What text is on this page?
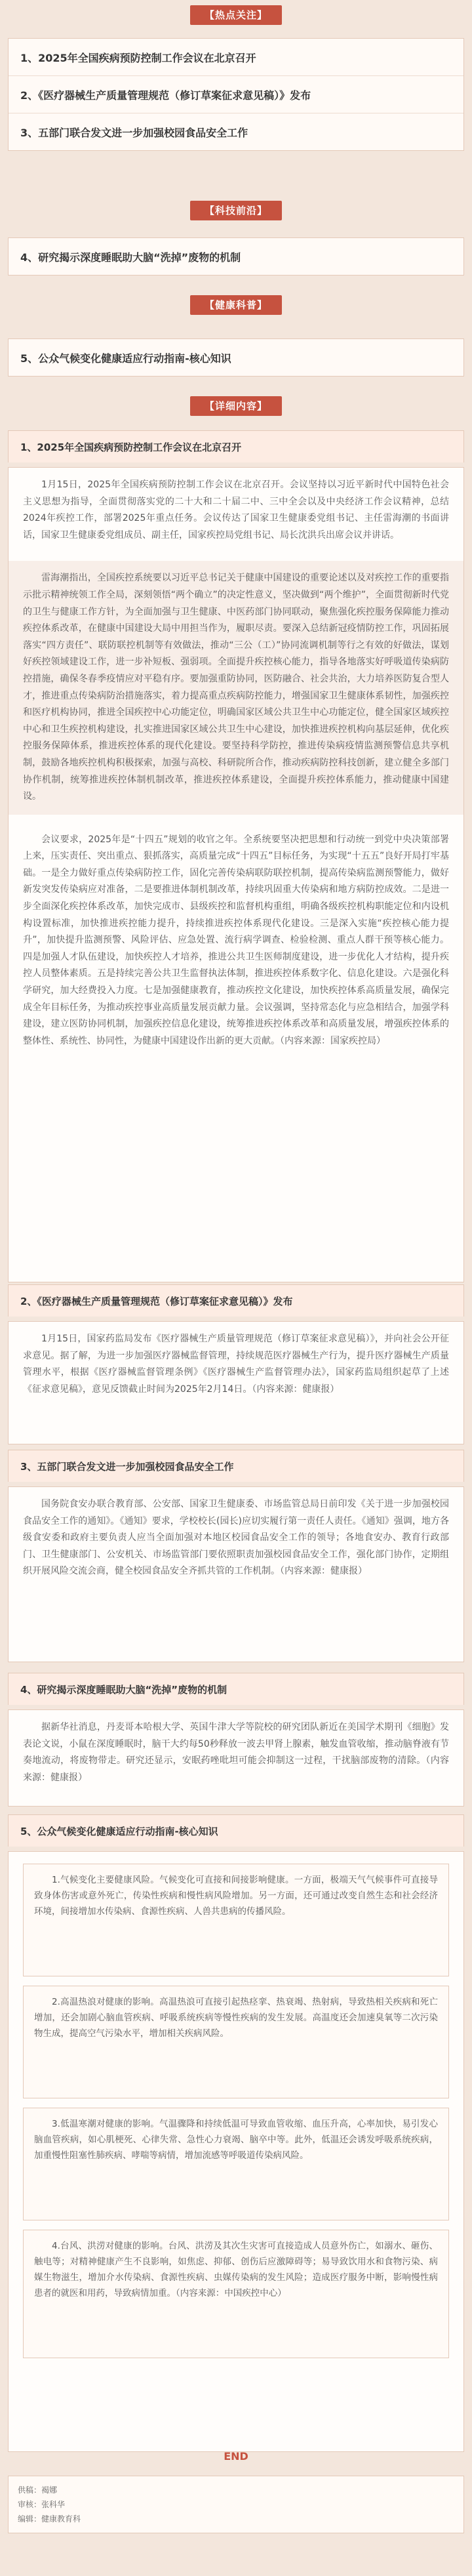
【热点关注】
1、2025年全国疾病预防控制工作会议在北京召开
2、《医疗器械生产质量管理规范（修订草案征求意见稿）》发布
3、五部门联合发文进一步加强校园食品安全工作
【科技前沿】
4、研究揭示深度睡眠助大脑“洗掉”废物的机制
【健康科普】
5、公众气候变化健康适应行动指南-核心知识
【详细内容】
1、2025年全国疾病预防控制工作会议在北京召开

1月15日，2025年全国疾病预防控制工作会议在北京召开。会议坚持以习近平新时代中国特色社会主义思想为指导，全面贯彻落实党的二十大和二十届二中、三中全会以及中央经济工作会议精神，总结2024年疾控工作，部署2025年重点任务。会议传达了国家卫生健康委党组书记、主任雷海潮的书面讲话，国家卫生健康委党组成员、副主任，国家疾控局党组书记、局长沈洪兵出席会议并讲话。

雷海潮指出，全国疾控系统要以习近平总书记关于健康中国建设的重要论述以及对疾控工作的重要指示批示精神统领工作全局，深刻领悟“两个确立”的决定性意义，坚决做到“两个维护”，全面贯彻新时代党的卫生与健康工作方针，为全面加强与卫生健康、中医药部门协同联动，聚焦强化疾控服务保障能力推动疾控体系改革，在健康中国建设大局中用担当作为，履职尽责。要深入总结新冠疫情防控工作，巩固拓展落实“四方责任”、联防联控机制等有效做法，推动“三公（工）”协同流调机制等行之有效的好做法，谋划好疾控领域建设工作，进一步补短板、强弱项。全面提升疾控核心能力，指导各地落实好呼吸道传染病防控措施，确保冬春季疫情应对平稳有序。要加强重防协同，医防融合、社会共治，大力培养医防复合型人才，推进重点传染病防治措施落实，着力提高重点疾病防控能力，增强国家卫生健康体系韧性，加强疾控和医疗机构协同，推进全国疾控中心功能定位，明确国家区域公共卫生中心功能定位，健全国家区域疾控中心和卫生疾控机构建设，扎实推进国家区域公共卫生中心建设，加快推进疾控机构向基层延伸，优化疾控服务保障体系，推进疾控体系的现代化建设。要坚持科学防控，推进传染病疫情监测预警信息共享机制，鼓励各地疾控机构积极探索，加强与高校、科研院所合作，推动疾病防控科技创新，建立健全多部门协作机制，统筹推进疾控体制机制改革，推进疾控体系建设，全面提升疾控体系能力，推动健康中国建设。

会议要求，2025年是“十四五”规划的收官之年。全系统要坚决把思想和行动统一到党中央决策部署上来，压实责任、突出重点、狠抓落实，高质量完成“十四五”目标任务，为实现“十五五”良好开局打牢基础。一是全力做好重点传染病防控工作，固化完善传染病联防联控机制，提高传染病监测预警能力，做好新发突发传染病应对准备，二是要推进体制机制改革，持续巩固重大传染病和地方病防控成效。二是进一步全面深化疾控体系改革，加快完成市、县级疾控和监督机构重组，明确各级疾控机构职能定位和内设机构设置标准，加快推进疾控能力提升，持续推进疾控体系现代化建设。三是深入实施“疾控核心能力提升”，加快提升监测预警、风险评估、应急处置、流行病学调查、检验检测、重点人群干预等核心能力。四是加强人才队伍建设，加快疾控人才培养，推进公共卫生医师制度建设，进一步优化人才结构，提升疾控人员整体素质。五是持续完善公共卫生监督执法体制，推进疾控体系数字化、信息化建设。六是强化科学研究，加大经费投入力度。七是加强健康教育，推动疾控文化建设，加快疾控体系高质量发展，确保完成全年目标任务，为推动疾控事业高质量发展贡献力量。会议强调，坚持常态化与应急相结合，加强学科建设，建立医防协同机制，加强疾控信息化建设，统筹推进疾控体系改革和高质量发展，增强疾控体系的整体性、系统性、协同性，为健康中国建设作出新的更大贡献。（内容来源：国家疾控局）

2、《医疗器械生产质量管理规范（修订草案征求意见稿）》发布

1月15日，国家药监局发布《医疗器械生产质量管理规范（修订草案征求意见稿）》，并向社会公开征求意见。据了解，为进一步加强医疗器械监督管理，持续规范医疗器械生产行为，提升医疗器械生产质量管理水平，根据《医疗器械监督管理条例》《医疗器械生产监督管理办法》，国家药监局组织起草了上述《征求意见稿》，意见反馈截止时间为2025年2月14日。（内容来源：健康报）

3、五部门联合发文进一步加强校园食品安全工作

国务院食安办联合教育部、公安部、国家卫生健康委、市场监管总局日前印发《关于进一步加强校园食品安全工作的通知》。《通知》要求，学校校长(园长)应切实履行第一责任人责任。《通知》强调，地方各级食安委和政府主要负责人应当全面加强对本地区校园食品安全工作的领导；各地食安办、教育行政部门、卫生健康部门、公安机关、市场监管部门要依照职责加强校园食品安全工作，强化部门协作，定期组织开展风险交流会商，健全校园食品安全齐抓共管的工作机制。（内容来源：健康报）

4、研究揭示深度睡眠助大脑“洗掉”废物的机制

据新华社消息，丹麦哥本哈根大学、英国牛津大学等院校的研究团队新近在美国学术期刊《细胞》发表论文说，小鼠在深度睡眠时，脑干大约每50秒释放一波去甲肾上腺素，触发血管收缩，推动脑脊液有节奏地流动，将废物带走。研究还显示，安眠药唑吡坦可能会抑制这一过程，干扰脑部废物的清除。（内容来源：健康报）

5、公众气候变化健康适应行动指南-核心知识

1.气候变化主要健康风险。气候变化可直接和间接影响健康。一方面，极端天气气候事件可直接导致身体伤害或意外死亡，传染性疾病和慢性病风险增加。另一方面，还可通过改变自然生态和社会经济环境，间接增加水传染病、食源性疾病、人兽共患病的传播风险。

2.高温热浪对健康的影响。高温热浪可直接引起热痉挛、热衰竭、热射病，导致热相关疾病和死亡增加，还会加剧心脑血管疾病、呼吸系统疾病等慢性疾病的发生发展。高温度还会加速臭氧等二次污染物生成，提高空气污染水平，增加相关疾病风险。

3.低温寒潮对健康的影响。气温骤降和持续低温可导致血管收缩、血压升高，心率加快，易引发心脑血管疾病，如心肌梗死、心律失常、急性心力衰竭、脑卒中等。此外，低温还会诱发呼吸系统疾病，加重慢性阻塞性肺疾病、哮喘等病情，增加流感等呼吸道传染病风险。

4.台风、洪涝对健康的影响。台风、洪涝及其次生灾害可直接造成人员意外伤亡，如溺水、砸伤、触电等；对精神健康产生不良影响，如焦虑、抑郁、创伤后应激障碍等；易导致饮用水和食物污染、病媒生物滋生，增加介水传染病、食源性疾病、虫媒传染病的发生风险；造成医疗服务中断，影响慢性病患者的就医和用药，导致病情加重。（内容来源：中国疾控中心）

END
供稿：褐娜
审核：张科华
编辑：健康教育科
